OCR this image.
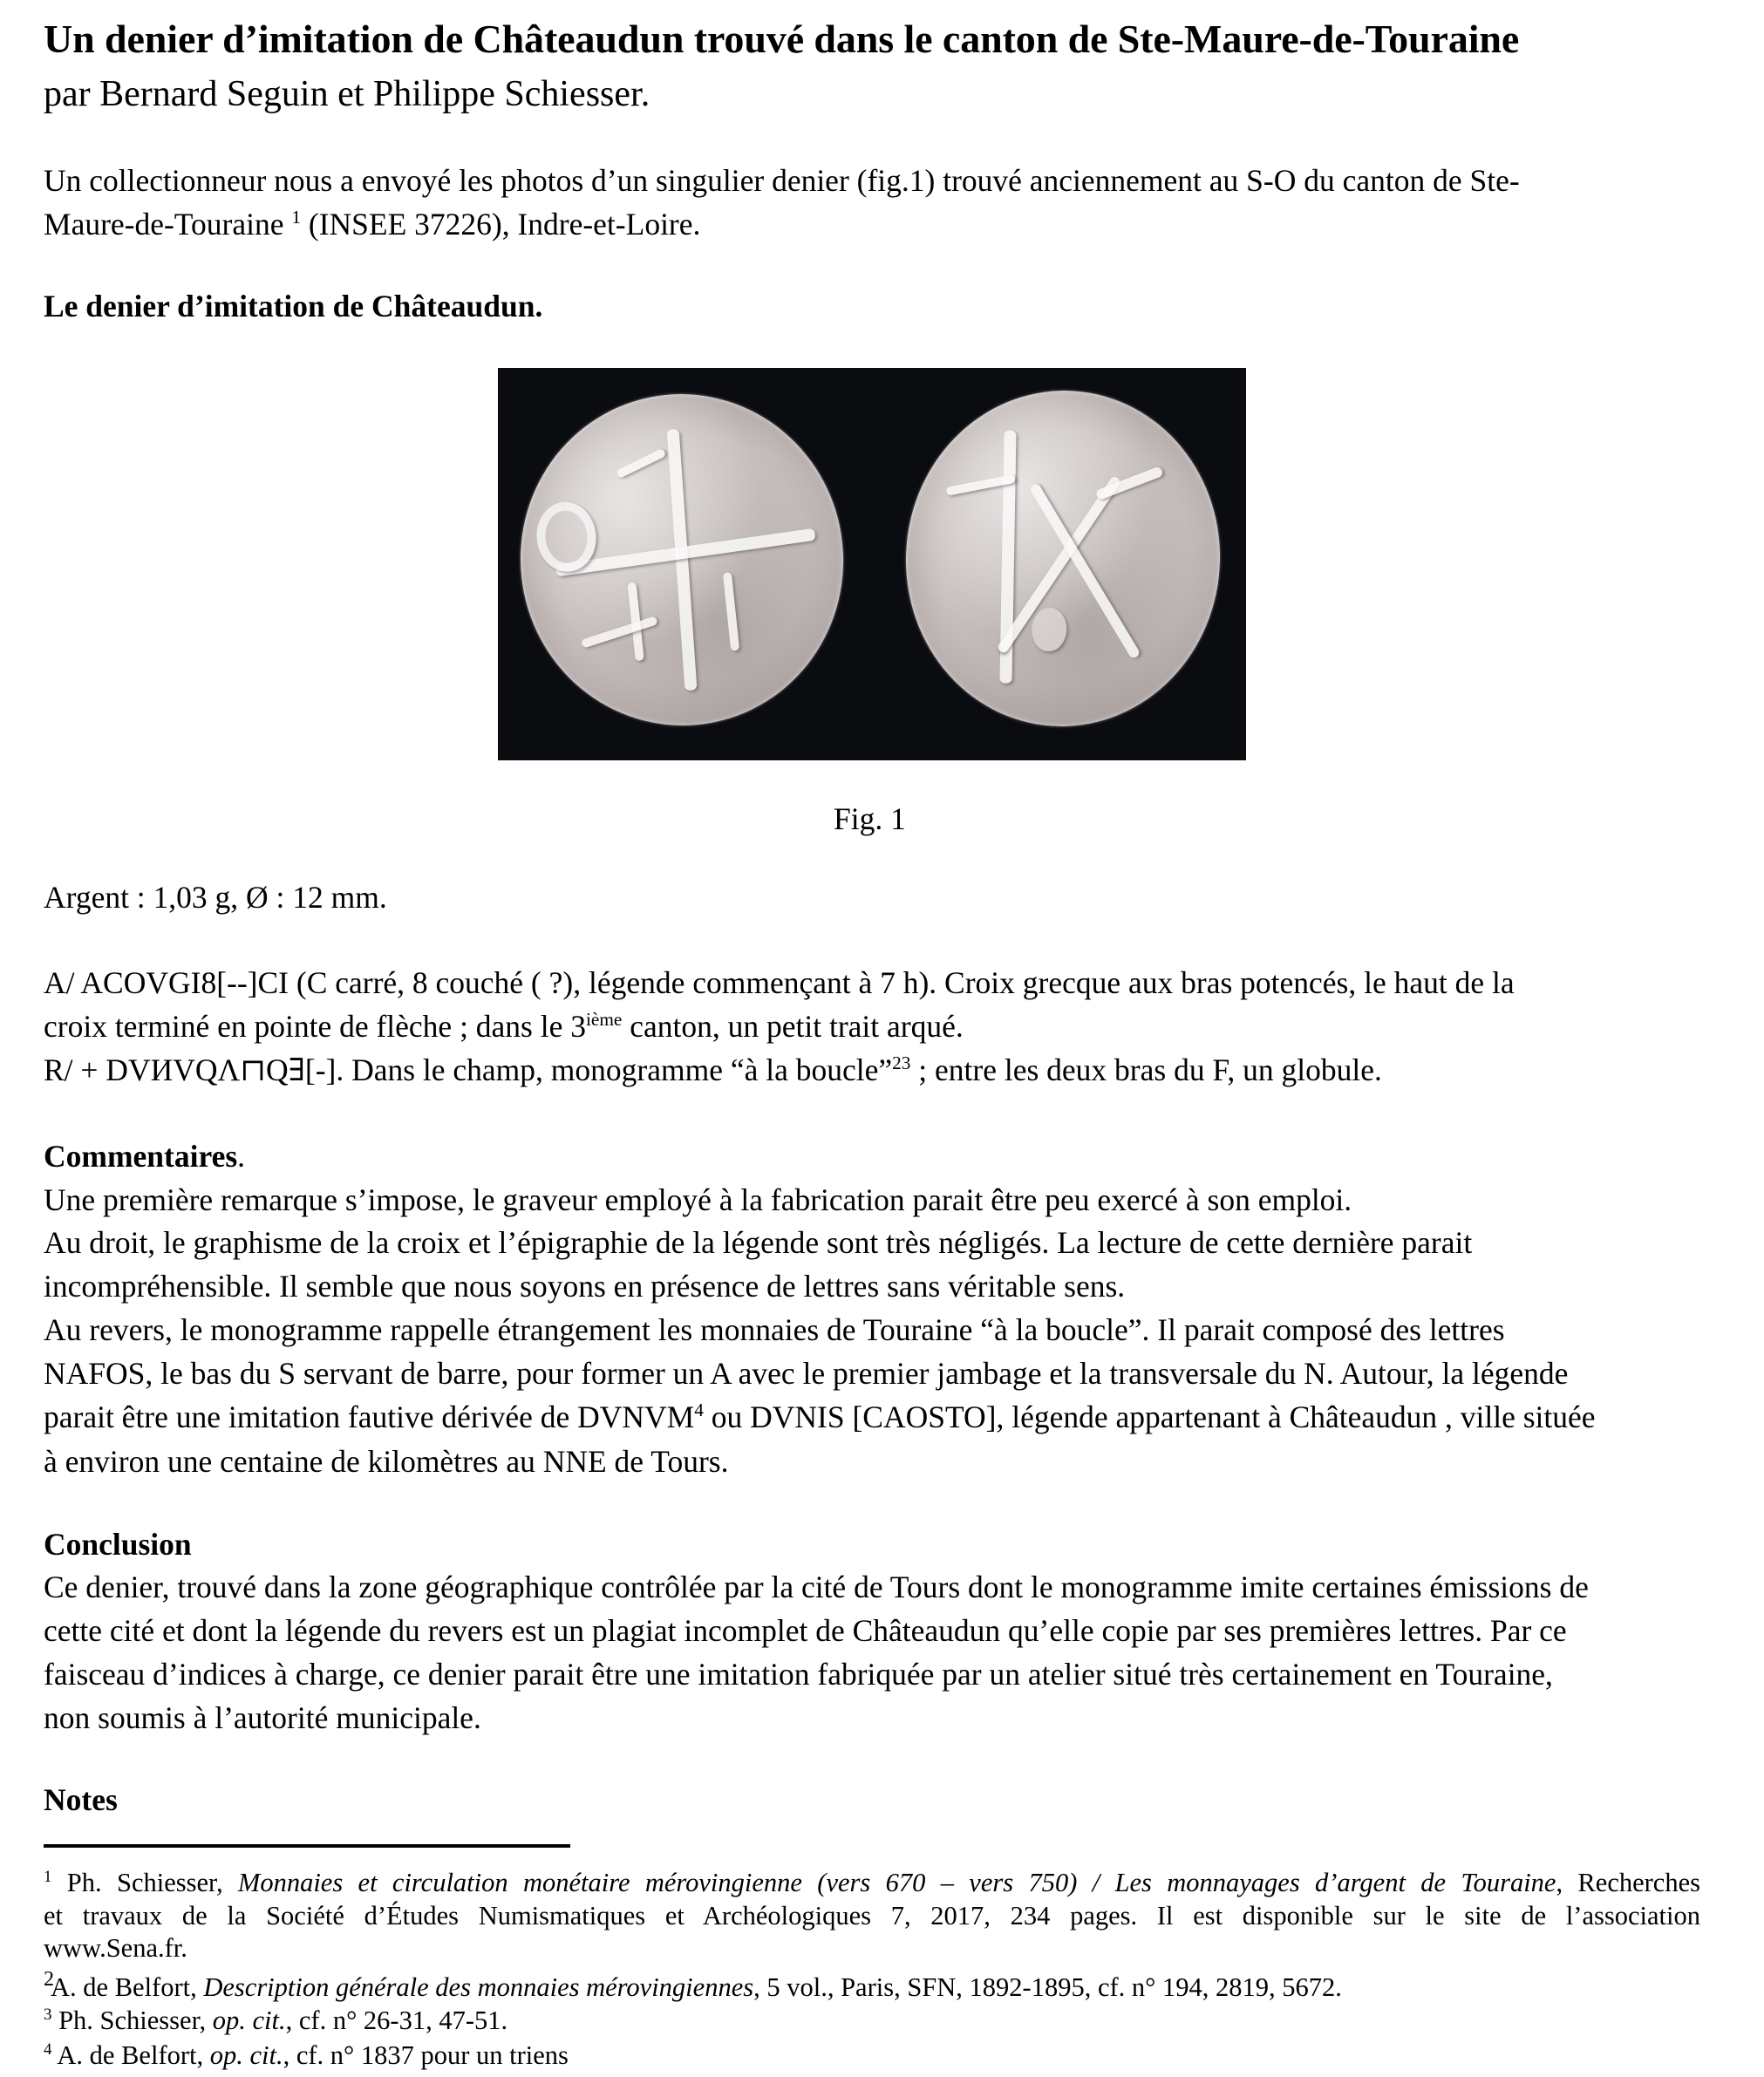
Un denier d’imitation de Châteaudun trouvé dans le canton de Ste-Maure-de-Touraine
par Bernard Seguin et Philippe Schiesser.
Un collectionneur nous a envoyé les photos d’un singulier denier (fig.1) trouvé anciennement au S-O du canton de Ste-
Maure-de-Touraine $^1$ (INSEE 37226), Indre-et-Loire.
Le denier d’imitation de Châteaudun.
Fig. 1
Argent : 1,03 g, Ø : 12 mm.
A/ ACOVGI8[--]CI (C carré, 8 couché ( ?), légende commençant à 7 h). Croix grecque aux bras potencés, le haut de la
croix terminé en pointe de flèche ; dans le 3ième canton, un petit trait arqué.
R/ + DVИVQΛ⊓Q∃[-]. Dans le champ, monogramme “à la boucle”$^{23}$ ; entre les deux bras du F, un globule.
Commentaires.
Une première remarque s’impose, le graveur employé à la fabrication parait être peu exercé à son emploi.
Au droit, le graphisme de la croix et l’épigraphie de la légende sont très négligés. La lecture de cette dernière parait
incompréhensible. Il semble que nous soyons en présence de lettres sans véritable sens.
Au revers, le monogramme rappelle étrangement les monnaies de Touraine “à la boucle”. Il parait composé des lettres
NAFOS, le bas du S servant de barre, pour former un A avec le premier jambage et la transversale du N. Autour, la légende
parait être une imitation fautive dérivée de DVNVM$^4$ ou DVNIS [CAOSTO], légende appartenant à Châteaudun , ville située
à environ une centaine de kilomètres au NNE de Tours.
Conclusion
Ce denier, trouvé dans la zone géographique contrôlée par la cité de Tours dont le monogramme imite certaines émissions de
cette cité et dont la légende du revers est un plagiat incomplet de Châteaudun qu’elle copie par ses premières lettres. Par ce
faisceau d’indices à charge, ce denier parait être une imitation fabriquée par un atelier situé très certainement en Touraine,
non soumis à l’autorité municipale.
Notes
$^1$ Ph. Schiesser, Monnaies et circulation monétaire mérovingienne (vers 670 – vers 750) / Les monnayages d’argent de Touraine, Recherches
et travaux de la Société d’Études Numismatiques et Archéologiques 7, 2017, 234 pages. Il est disponible sur le site de l’association
www.Sena.fr.
2
A. de Belfort, Description générale des monnaies mérovingiennes, 5 vol., Paris, SFN, 1892-1895, cf. n° 194, 2819, 5672.
$^3$ Ph. Schiesser, op. cit., cf. n° 26-31, 47-51.
$^4$ A. de Belfort, op. cit., cf. n° 1837 pour un triens
